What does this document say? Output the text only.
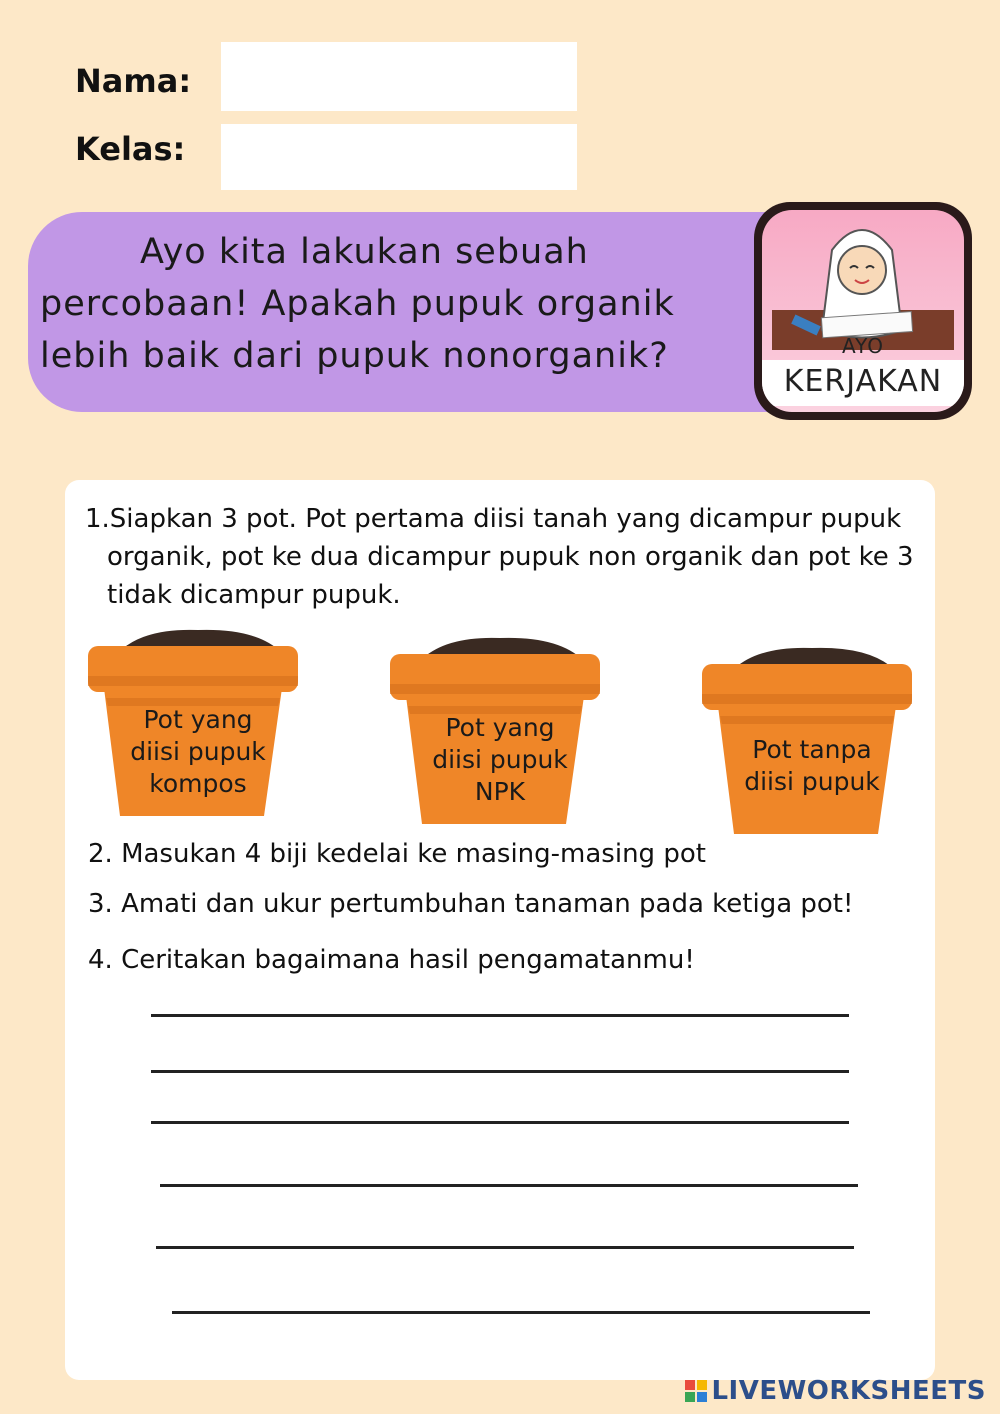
Nama:
Kelas:
Ayo kita lakukan sebuah
percobaan! Apakah pupuk organik
lebih baik dari pupuk nonorganik?	AYO
KERJAKAN
1.Siapkan 3 pot. Pot pertama diisi tanah yang dicampur pupuk organik, pot ke dua dicampur pupuk non organik dan pot ke 3 tidak dicampur pupuk.
Pot yang
diisi pupuk
kompos
Pot yang
diisi pupuk
NPK
Pot tanpa
diisi pupuk
2. Masukan 4 biji kedelai ke masing-masing pot
3. Amati dan ukur pertumbuhan tanaman pada ketiga pot!
4. Ceritakan bagaimana hasil pengamatanmu!
LIVEWORKSHEETS
